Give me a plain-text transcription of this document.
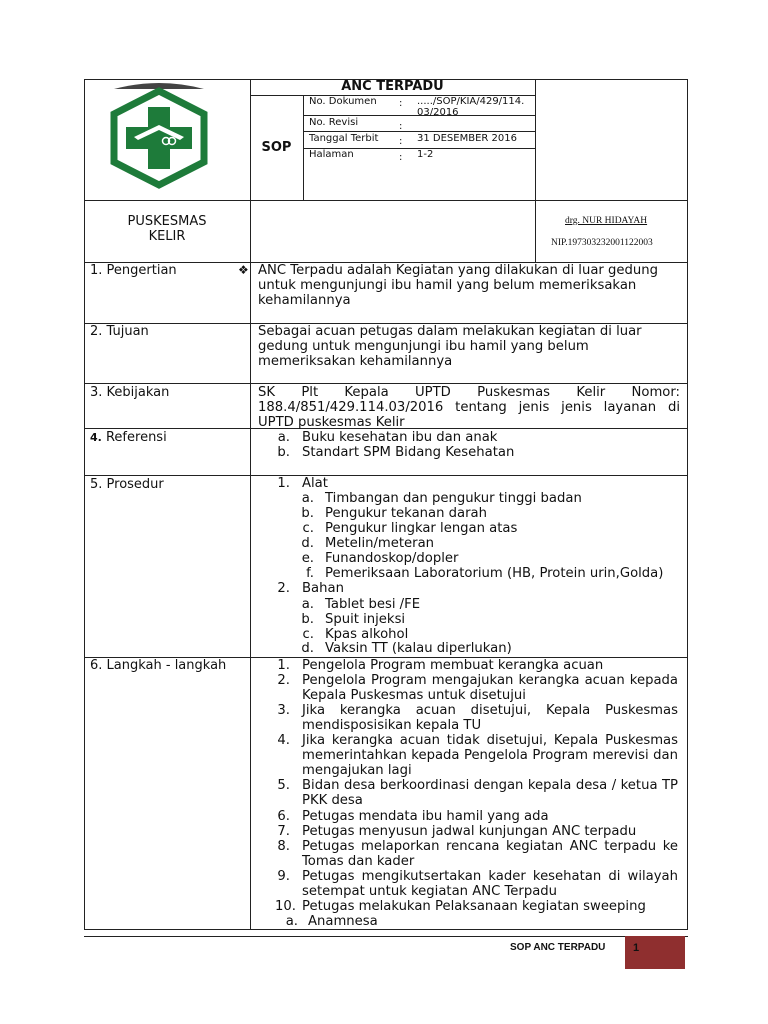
ANC TERPADU
SOP
No. Dokumen : ...../SOP/KIA/429/114.
03/2016
No. Revisi	:
Tanggal Terbit : 31 DESEMBER 2016
Halaman	: 1-2
PUSKESMAS
KELIR
drg. NUR HIDAYAH
NIP.197303232001122003
1. Pengertian	❖ ANC Terpadu adalah Kegiatan yang dilakukan di luar gedung untuk mengunjungi ibu hamil yang belum memeriksakan kehamilannya
2. Tujuan	Sebagai acuan petugas dalam melakukan kegiatan di luar gedung untuk mengunjungi ibu hamil yang belum memeriksakan kehamilannya
3. Kebijakan	SK Plt Kepala UPTD Puskesmas Kelir Nomor: 188.4/851/429.114.03/2016 tentang jenis jenis layanan di UPTD puskesmas Kelir
4. Referensi	a. Buku kesehatan ibu dan anak
b. Standart SPM Bidang Kesehatan
5. Prosedur	1. Alat
a. Timbangan dan pengukur tinggi badan
b. Pengukur tekanan darah
c. Pengukur lingkar lengan atas
d. Metelin/meteran
e. Funandoskop/dopler
f. Pemeriksaan Laboratorium (HB, Protein urin,Golda)
2. Bahan
a. Tablet besi /FE
b. Spuit injeksi
c. Kpas alkohol
d. Vaksin TT (kalau diperlukan)
6. Langkah - langkah	1. Pengelola Program membuat kerangka acuan
2. Pengelola Program mengajukan kerangka acuan kepada Kepala Puskesmas untuk disetujui
3. Jika kerangka acuan disetujui, Kepala Puskesmas mendisposisikan kepala TU
4. Jika kerangka acuan tidak disetujui, Kepala Puskesmas memerintahkan kepada Pengelola Program merevisi dan mengajukan lagi
5. Bidan desa berkoordinasi dengan kepala desa / ketua TP PKK desa
6. Petugas mendata ibu hamil yang ada
7. Petugas menyusun jadwal kunjungan ANC terpadu
8. Petugas melaporkan rencana kegiatan ANC terpadu ke Tomas dan kader
9. Petugas mengikutsertakan kader kesehatan di wilayah setempat untuk kegiatan ANC Terpadu
10. Petugas melakukan Pelaksanaan kegiatan sweeping
a. Anamnesa
SOP ANC TERPADU	1
